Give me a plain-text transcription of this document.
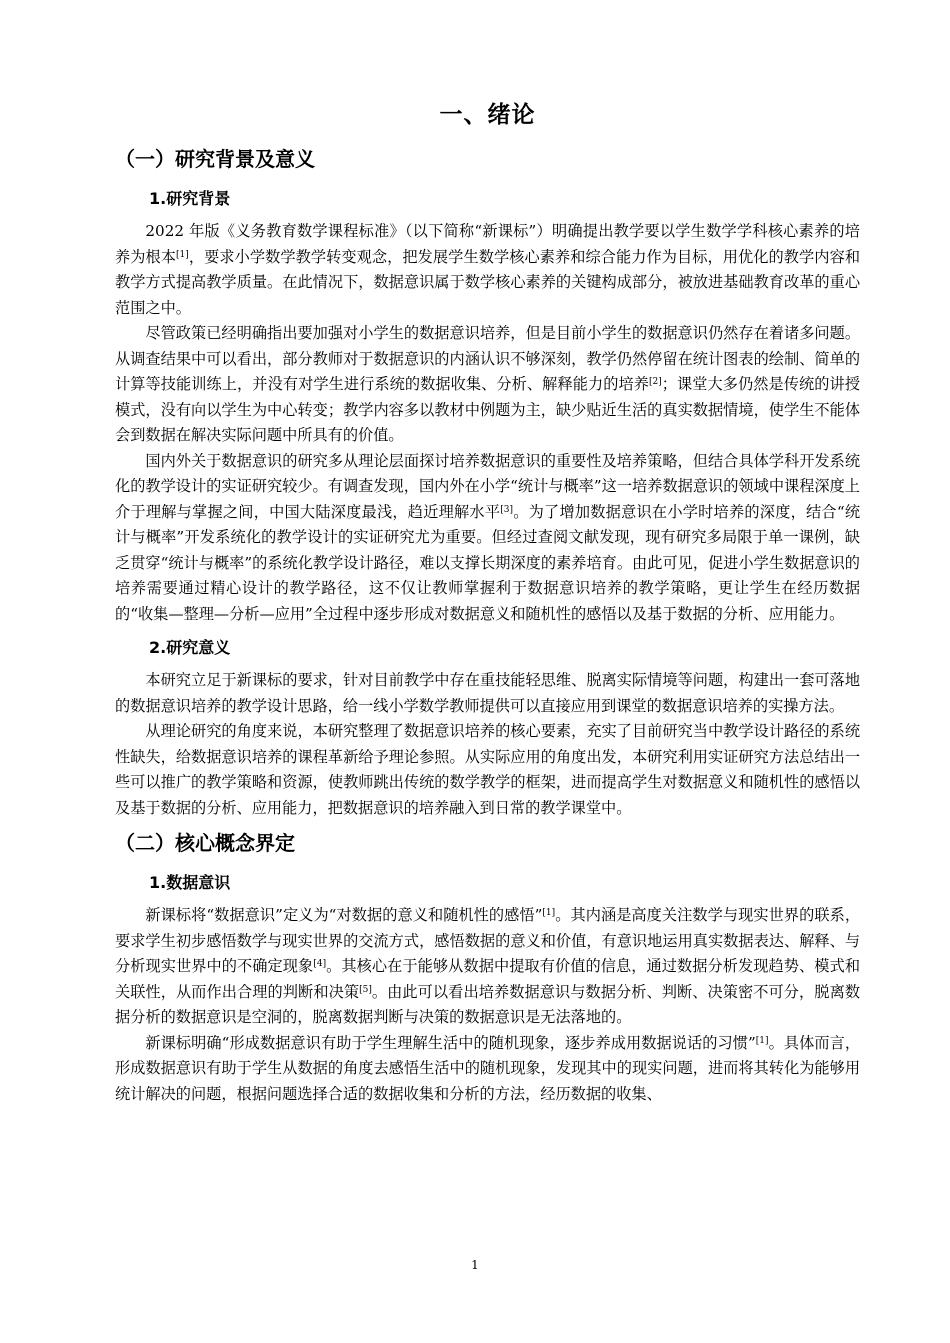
一、绪论
（一）研究背景及意义
1.研究背景

2022 年版《义务教育数学课程标准》（以下简称“新课标”）明确提出教学要以学生数学学科核心素养的培养为根本[1]，要求小学数学教学转变观念，把发展学生数学核心素养和综合能力作为目标，用优化的教学内容和教学方式提高教学质量。在此情况下，数据意识属于数学核心素养的关键构成部分，被放进基础教育改革的重心范围之中。

尽管政策已经明确指出要加强对小学生的数据意识培养，但是目前小学生的数据意识仍然存在着诸多问题。从调查结果中可以看出，部分教师对于数据意识的内涵认识不够深刻，教学仍然停留在统计图表的绘制、简单的计算等技能训练上，并没有对学生进行系统的数据收集、分析、解释能力的培养[2]；课堂大多仍然是传统的讲授模式，没有向以学生为中心转变；教学内容多以教材中例题为主，缺少贴近生活的真实数据情境，使学生不能体会到数据在解决实际问题中所具有的价值。

国内外关于数据意识的研究多从理论层面探讨培养数据意识的重要性及培养策略，但结合具体学科开发系统化的教学设计的实证研究较少。有调查发现，国内外在小学“统计与概率”这一培养数据意识的领域中课程深度上介于理解与掌握之间，中国大陆深度最浅，趋近理解水平[3]。为了增加数据意识在小学时培养的深度，结合“统计与概率”开发系统化的教学设计的实证研究尤为重要。但经过查阅文献发现，现有研究多局限于单一课例，缺乏贯穿“统计与概率”的系统化教学设计路径，难以支撑长期深度的素养培育。由此可见，促进小学生数据意识的培养需要通过精心设计的教学路径，这不仅让教师掌握利于数据意识培养的教学策略，更让学生在经历数据的“收集—整理—分析—应用”全过程中逐步形成对数据意义和随机性的感悟以及基于数据的分析、应用能力。

2.研究意义

本研究立足于新课标的要求，针对目前教学中存在重技能轻思维、脱离实际情境等问题，构建出一套可落地的数据意识培养的教学设计思路，给一线小学数学教师提供可以直接应用到课堂的数据意识培养的实操方法。

从理论研究的角度来说，本研究整理了数据意识培养的核心要素，充实了目前研究当中教学设计路径的系统性缺失，给数据意识培养的课程革新给予理论参照。从实际应用的角度出发，本研究利用实证研究方法总结出一些可以推广的教学策略和资源，使教师跳出传统的数学教学的框架，进而提高学生对数据意义和随机性的感悟以及基于数据的分析、应用能力，把数据意识的培养融入到日常的教学课堂中。

（二）核心概念界定
1.数据意识

新课标将“数据意识”定义为“对数据的意义和随机性的感悟”[1]。其内涵是高度关注数学与现实世界的联系，要求学生初步感悟数学与现实世界的交流方式，感悟数据的意义和价值，有意识地运用真实数据表达、解释、与分析现实世界中的不确定现象[4]。其核心在于能够从数据中提取有价值的信息，通过数据分析发现趋势、模式和关联性，从而作出合理的判断和决策[5]。由此可以看出培养数据意识与数据分析、判断、决策密不可分，脱离数据分析的数据意识是空洞的，脱离数据判断与决策的数据意识是无法落地的。

新课标明确“形成数据意识有助于学生理解生活中的随机现象，逐步养成用数据说话的习惯”[1]。具体而言，形成数据意识有助于学生从数据的角度去感悟生活中的随机现象，发现其中的现实问题，进而将其转化为能够用统计解决的问题，根据问题选择合适的数据收集和分析的方法，经历数据的收集、

1
